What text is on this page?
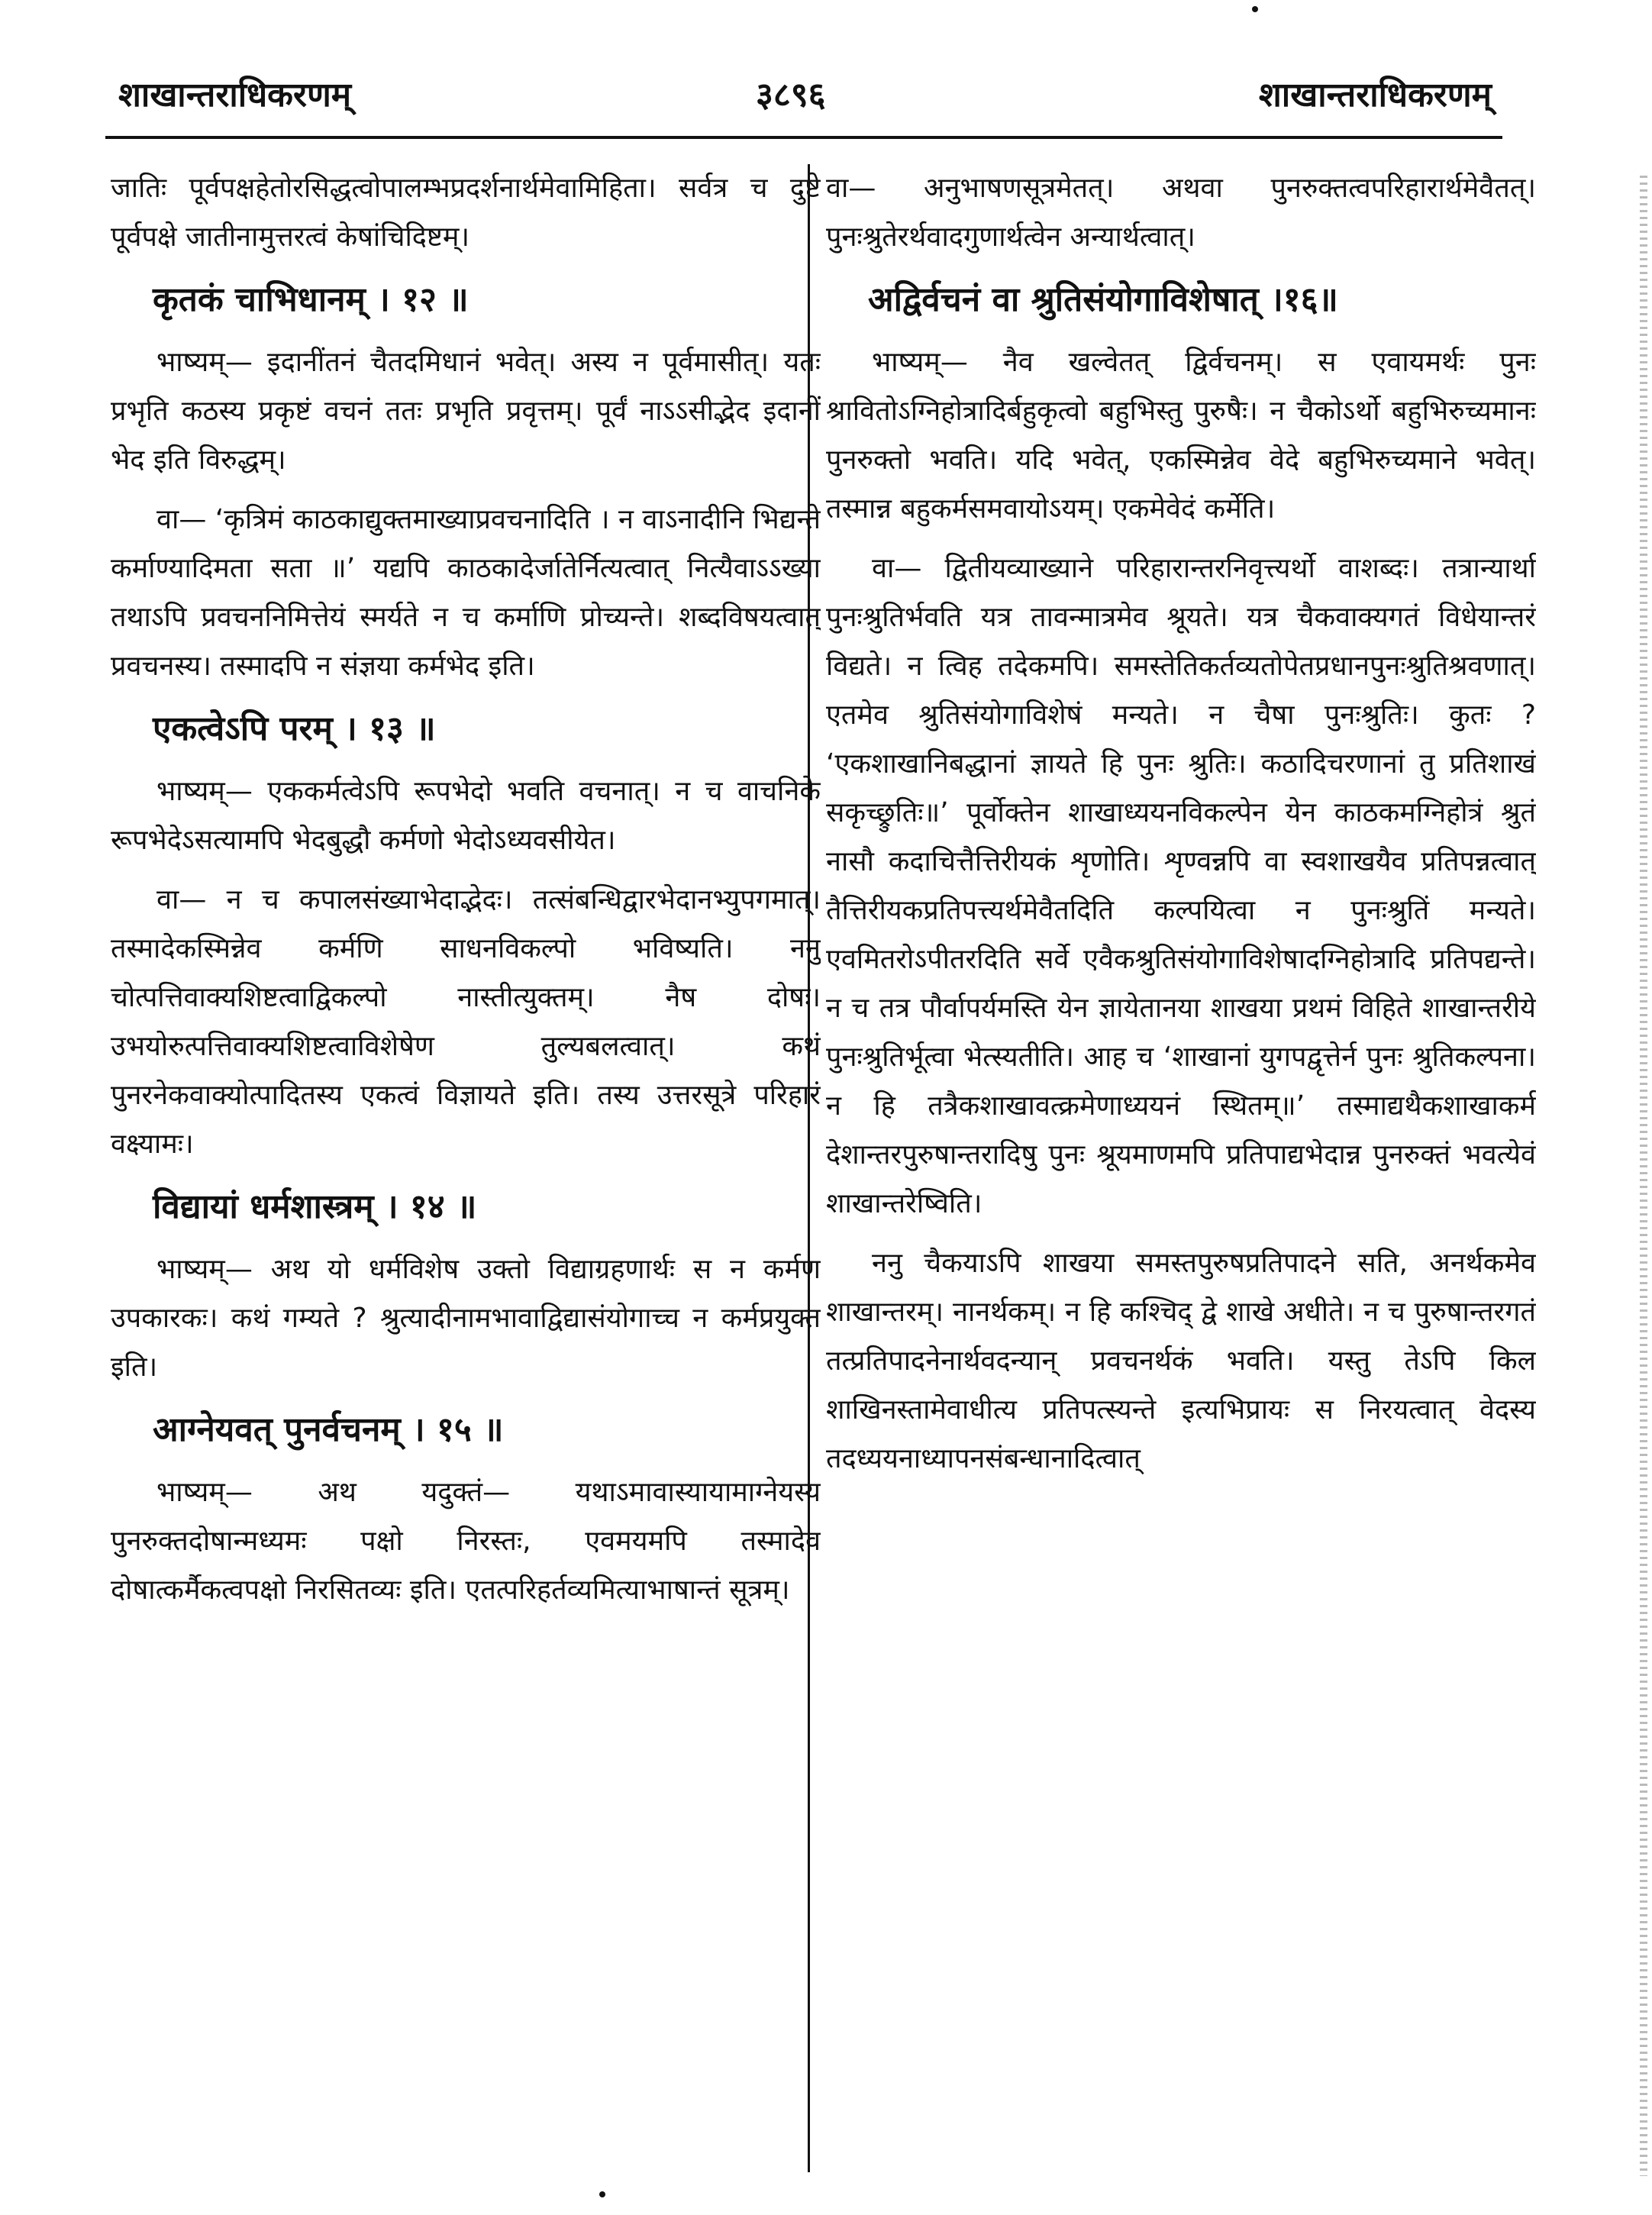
शाखान्तराधिकरणम्	३८९६	शाखान्तराधिकरणम्
जातिः पूर्वपक्षहेतोरसिद्धत्वोपालम्भप्रदर्शनार्थमेवामिहिता। सर्वत्र च दुष्टे पूर्वपक्षे जातीनामुत्तरत्वं केषांचिदिष्टम्।
कृतकं चाभिधानम् । १२ ॥
भाष्यम्— इदानींतनं चैतदमिधानं भवेत्। अस्य न पूर्वमासीत्। यतः प्रभृति कठस्य प्रकृष्टं वचनं ततः प्रभृति प्रवृत्तम्। पूर्वं नाऽऽसीद्भेद इदानीं भेद इति विरुद्धम्।
वा— ‘कृत्रिमं काठकाद्युक्तमाख्याप्रवचनादिति । न वाऽनादीनि भिद्यन्ते कर्माण्यादिमता सता ॥’ यद्यपि काठकादेर्जातेर्नित्यत्वात् नित्यैवाऽऽख्या तथाऽपि प्रवचननिमित्तेयं स्मर्यते न च कर्माणि प्रोच्यन्ते। शब्दविषयत्वात् प्रवचनस्य। तस्मादपि न संज्ञया कर्मभेद इति।
एकत्वेऽपि परम् । १३ ॥
भाष्यम्— एककर्मत्वेऽपि रूपभेदो भवति वचनात्। न च वाचनिके रूपभेदेऽसत्यामपि भेदबुद्धौ कर्मणो भेदोऽध्यवसीयेत।
वा— न च कपालसंख्याभेदाद्भेदः। तत्संबन्धिद्वारभेदानभ्युपगमात्। तस्मादेकस्मिन्नेव कर्मणि साधनविकल्पो भविष्यति। ननु चोत्पत्तिवाक्यशिष्टत्वाद्विकल्पो नास्तीत्युक्तम्। नैष दोषः। उभयोरुत्पत्तिवाक्यशिष्टत्वाविशेषेण तुल्यबलत्वात्। कथं पुनरनेकवाक्योत्पादितस्य एकत्वं विज्ञायते इति। तस्य उत्तरसूत्रे परिहारं वक्ष्यामः।
विद्यायां धर्मशास्त्रम् । १४ ॥
भाष्यम्— अथ यो धर्मविशेष उक्तो विद्याग्रहणार्थः स न कर्मण उपकारकः। कथं गम्यते ? श्रुत्यादीनामभावाद्विद्यासंयोगाच्च न कर्मप्रयुक्त इति।
आग्नेयवत् पुनर्वचनम् । १५ ॥
भाष्यम्— अथ यदुक्तं— यथाऽमावास्यायामाग्नेयस्य पुनरुक्तदोषान्मध्यमः पक्षो निरस्तः, एवमयमपि तस्मादेव दोषात्कर्मैकत्वपक्षो निरसितव्यः इति। एतत्परिहर्तव्यमित्याभाषान्तं सूत्रम्।
वा— अनुभाषणसूत्रमेतत्। अथवा पुनरुक्तत्वपरिहारार्थमेवैतत्। पुनःश्रुतेरर्थवादगुणार्थत्वेन अन्यार्थत्वात्।
अद्विर्वचनं वा श्रुतिसंयोगाविशेषात् ।१६॥
भाष्यम्— नैव खल्वेतत् द्विर्वचनम्। स एवायमर्थः पुनः श्रावितोऽग्निहोत्रादिर्बहुकृत्वो बहुभिस्तु पुरुषैः। न चैकोऽर्थो बहुभिरुच्यमानः पुनरुक्तो भवति। यदि भवेत्, एकस्मिन्नेव वेदे बहुभिरुच्यमाने भवेत्। तस्मान्न बहुकर्मसमवायोऽयम्। एकमेवेदं कर्मेति।
वा— द्वितीयव्याख्याने परिहारान्तरनिवृत्त्यर्थो वाशब्दः। तत्रान्यार्था पुनःश्रुतिर्भवति यत्र तावन्मात्रमेव श्रूयते। यत्र चैकवाक्यगतं विधेयान्तरं विद्यते। न त्विह तदेकमपि। समस्तेतिकर्तव्यतोपेतप्रधानपुनःश्रुतिश्रवणात्। एतमेव श्रुतिसंयोगाविशेषं मन्यते। न चैषा पुनःश्रुतिः। कुतः ? ‘एकशाखानिबद्धानां ज्ञायते हि पुनः श्रुतिः। कठादिचरणानां तु प्रतिशाखं सकृच्छ्रुतिः॥’ पूर्वोक्तेन शाखाध्ययनविकल्पेन येन काठकमग्निहोत्रं श्रुतं नासौ कदाचित्तैत्तिरीयकं शृणोति। शृण्वन्नपि वा स्वशाखयैव प्रतिपन्नत्वात् तैत्तिरीयकप्रतिपत्त्यर्थमेवैतदिति कल्पयित्वा न पुनःश्रुतिं मन्यते। एवमितरोऽपीतरदिति सर्वे एवैकश्रुतिसंयोगाविशेषादग्निहोत्रादि प्रतिपद्यन्ते। न च तत्र पौर्वापर्यमस्ति येन ज्ञायेतानया शाखया प्रथमं विहिते शाखान्तरीये पुनःश्रुतिर्भूत्वा भेत्स्यतीति। आह च ‘शाखानां युगपद्वृत्तेर्न पुनः श्रुतिकल्पना। न हि तत्रैकशाखावत्क्रमेणाध्ययनं स्थितम्॥’ तस्माद्यथैकशाखाकर्म देशान्तरपुरुषान्तरादिषु पुनः श्रूयमाणमपि प्रतिपाद्यभेदान्न पुनरुक्तं भवत्येवं शाखान्तरेष्विति।
ननु चैकयाऽपि शाखया समस्तपुरुषप्रतिपादने सति, अनर्थकमेव शाखान्तरम्। नानर्थकम्। न हि कश्चिद् द्वे शाखे अधीते। न च पुरुषान्तरगतं तत्प्रतिपादनेनार्थवदन्यान् प्रवचनर्थकं भवति। यस्तु तेऽपि किल शाखिनस्तामेवाधीत्य प्रतिपत्स्यन्ते इत्यभिप्रायः स निरयत्वात् वेदस्य तदध्ययनाध्यापनसंबन्धानादित्वात्
